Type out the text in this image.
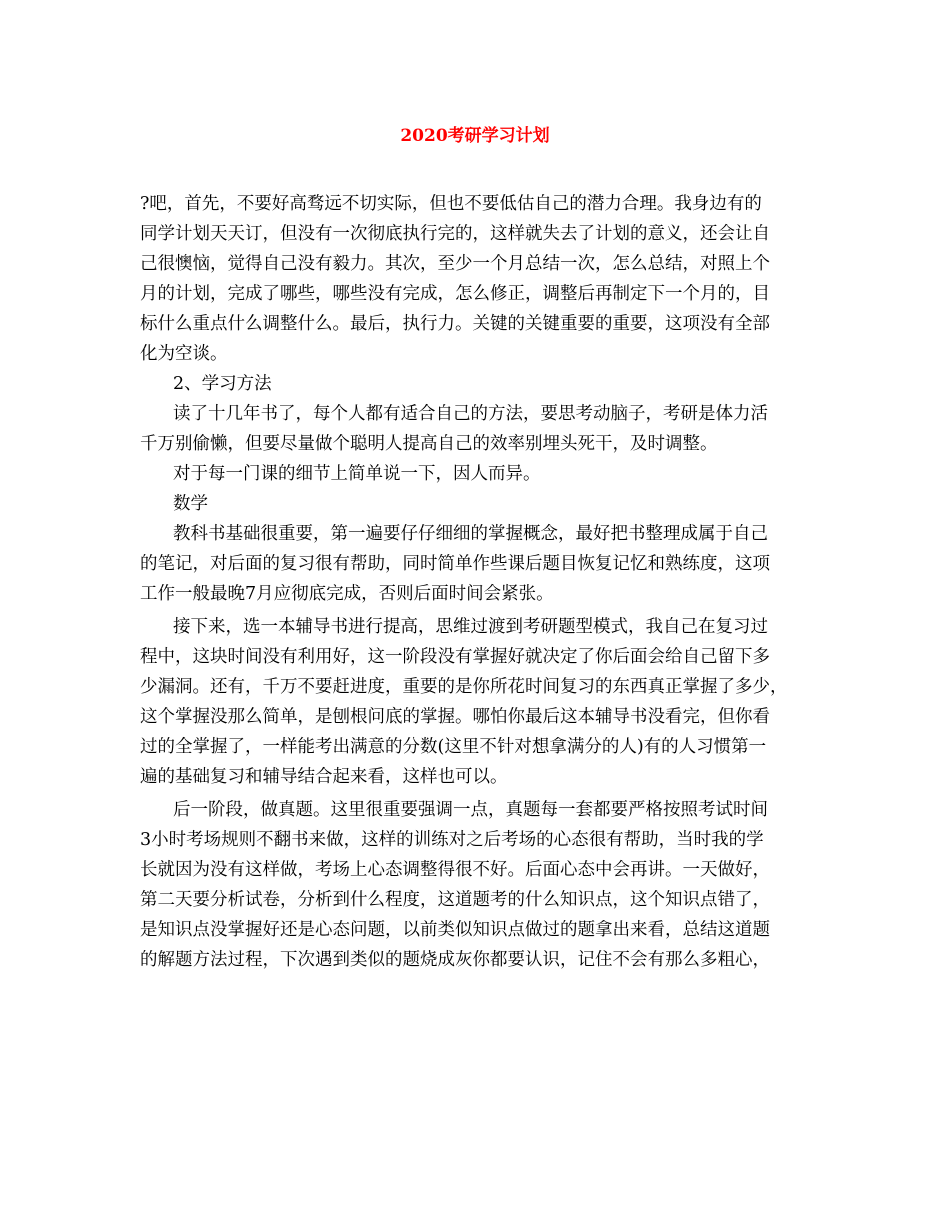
2020考研学习计划
?吧，首先，不要好高骛远不切实际，但也不要低估自己的潜力合理。我身边有的
同学计划天天订，但没有一次彻底执行完的，这样就失去了计划的意义，还会让自
己很懊恼，觉得自己没有毅力。其次，至少一个月总结一次，怎么总结，对照上个
月的计划，完成了哪些，哪些没有完成，怎么修正，调整后再制定下一个月的，目
标什么重点什么调整什么。最后，执行力。关键的关键重要的重要，这项没有全部
化为空谈。
2、学习方法
读了十几年书了，每个人都有适合自己的方法，要思考动脑子，考研是体力活
千万别偷懒，但要尽量做个聪明人提高自己的效率别埋头死干，及时调整。
对于每一门课的细节上简单说一下，因人而异。
数学
教科书基础很重要，第一遍要仔仔细细的掌握概念，最好把书整理成属于自己
的笔记，对后面的复习很有帮助，同时简单作些课后题目恢复记忆和熟练度，这项
工作一般最晚7月应彻底完成，否则后面时间会紧张。
接下来，选一本辅导书进行提高，思维过渡到考研题型模式，我自己在复习过
程中，这块时间没有利用好，这一阶段没有掌握好就决定了你后面会给自己留下多
少漏洞。还有，千万不要赶进度，重要的是你所花时间复习的东西真正掌握了多少，
这个掌握没那么简单，是刨根问底的掌握。哪怕你最后这本辅导书没看完，但你看
过的全掌握了，一样能考出满意的分数(这里不针对想拿满分的人)有的人习惯第一
遍的基础复习和辅导结合起来看，这样也可以。
后一阶段，做真题。这里很重要强调一点，真题每一套都要严格按照考试时间
3小时考场规则不翻书来做，这样的训练对之后考场的心态很有帮助，当时我的学
长就因为没有这样做，考场上心态调整得很不好。后面心态中会再讲。一天做好，
第二天要分析试卷，分析到什么程度，这道题考的什么知识点，这个知识点错了，
是知识点没掌握好还是心态问题，以前类似知识点做过的题拿出来看，总结这道题
的解题方法过程，下次遇到类似的题烧成灰你都要认识，记住不会有那么多粗心，
